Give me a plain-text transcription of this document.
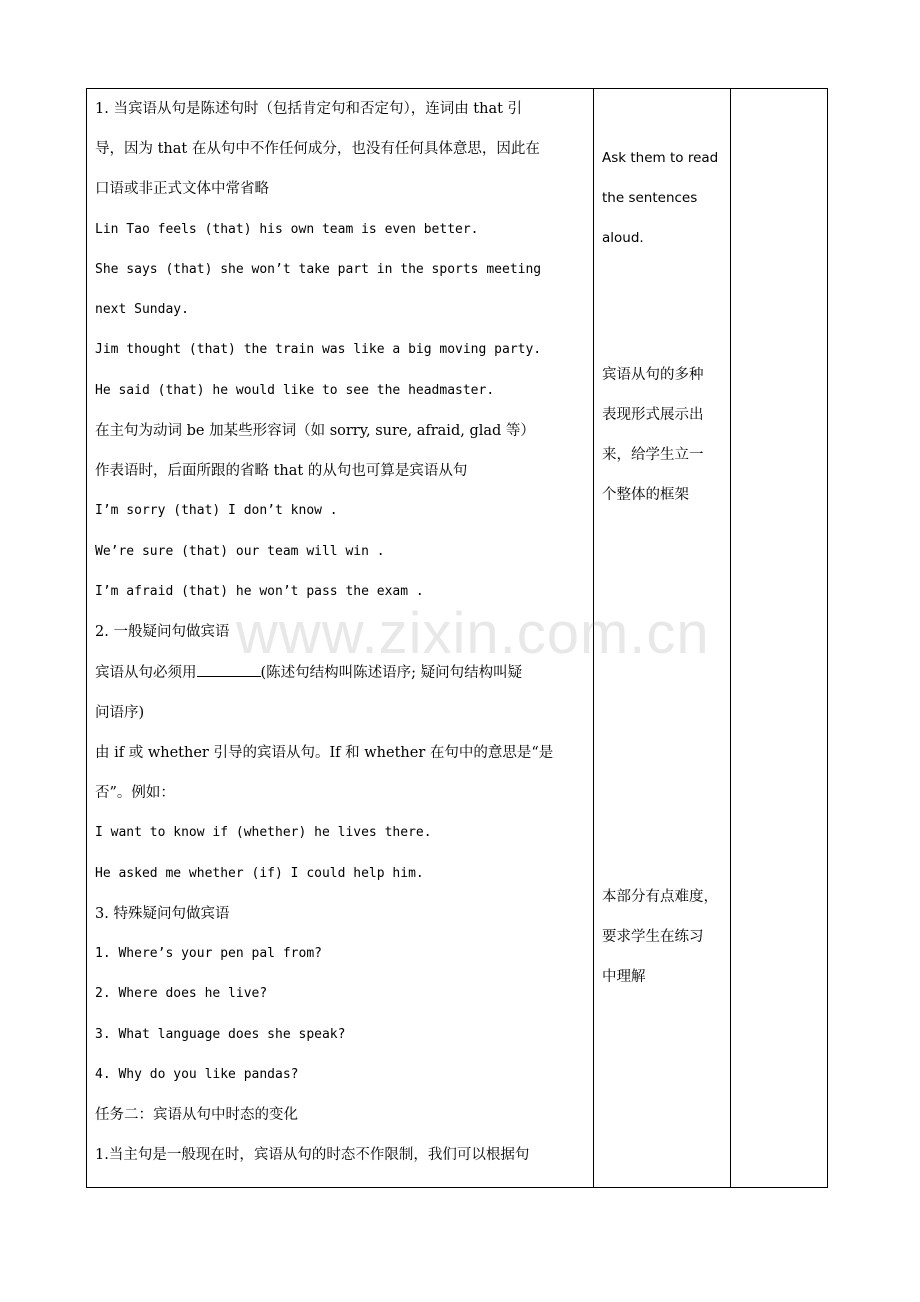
1. 当宾语从句是陈述句时（包括肯定句和否定句），连词由 that 引
导，因为 that 在从句中不作任何成分，也没有任何具体意思，因此在
口语或非正式文体中常省略
Lin Tao feels (that) his own team is even better.
She says (that) she won’t take part in the sports meeting
next Sunday.
Jim thought (that) the train was like a big moving party.
He said (that) he would like to see the headmaster.
在主句为动词 be 加某些形容词（如 sorry, sure, afraid, glad 等）
作表语时，后面所跟的省略 that 的从句也可算是宾语从句
I’m sorry (that) I don’t know .
We’re sure (that) our team will win .
I’m afraid (that) he won’t pass the exam .
2. 一般疑问句做宾语
宾语从句必须用	(陈述句结构叫陈述语序; 疑问句结构叫疑
问语序)
由 if 或 whether 引导的宾语从句。If 和 whether 在句中的意思是“是
否”。例如：
I want to know if (whether) he lives there.
He asked me whether (if) I could help him.
3. 特殊疑问句做宾语
1. Where’s your pen pal from?
2. Where does he live?
3. What language does she speak?
4. Why do you like pandas?
任务二：宾语从句中时态的变化
1.当主句是一般现在时，宾语从句的时态不作限制，我们可以根据句
Ask them to read
the sentences
aloud.
宾语从句的多种
表现形式展示出
来，给学生立一
个整体的框架
本部分有点难度，
要求学生在练习
中理解
www.zixin.com.cn
